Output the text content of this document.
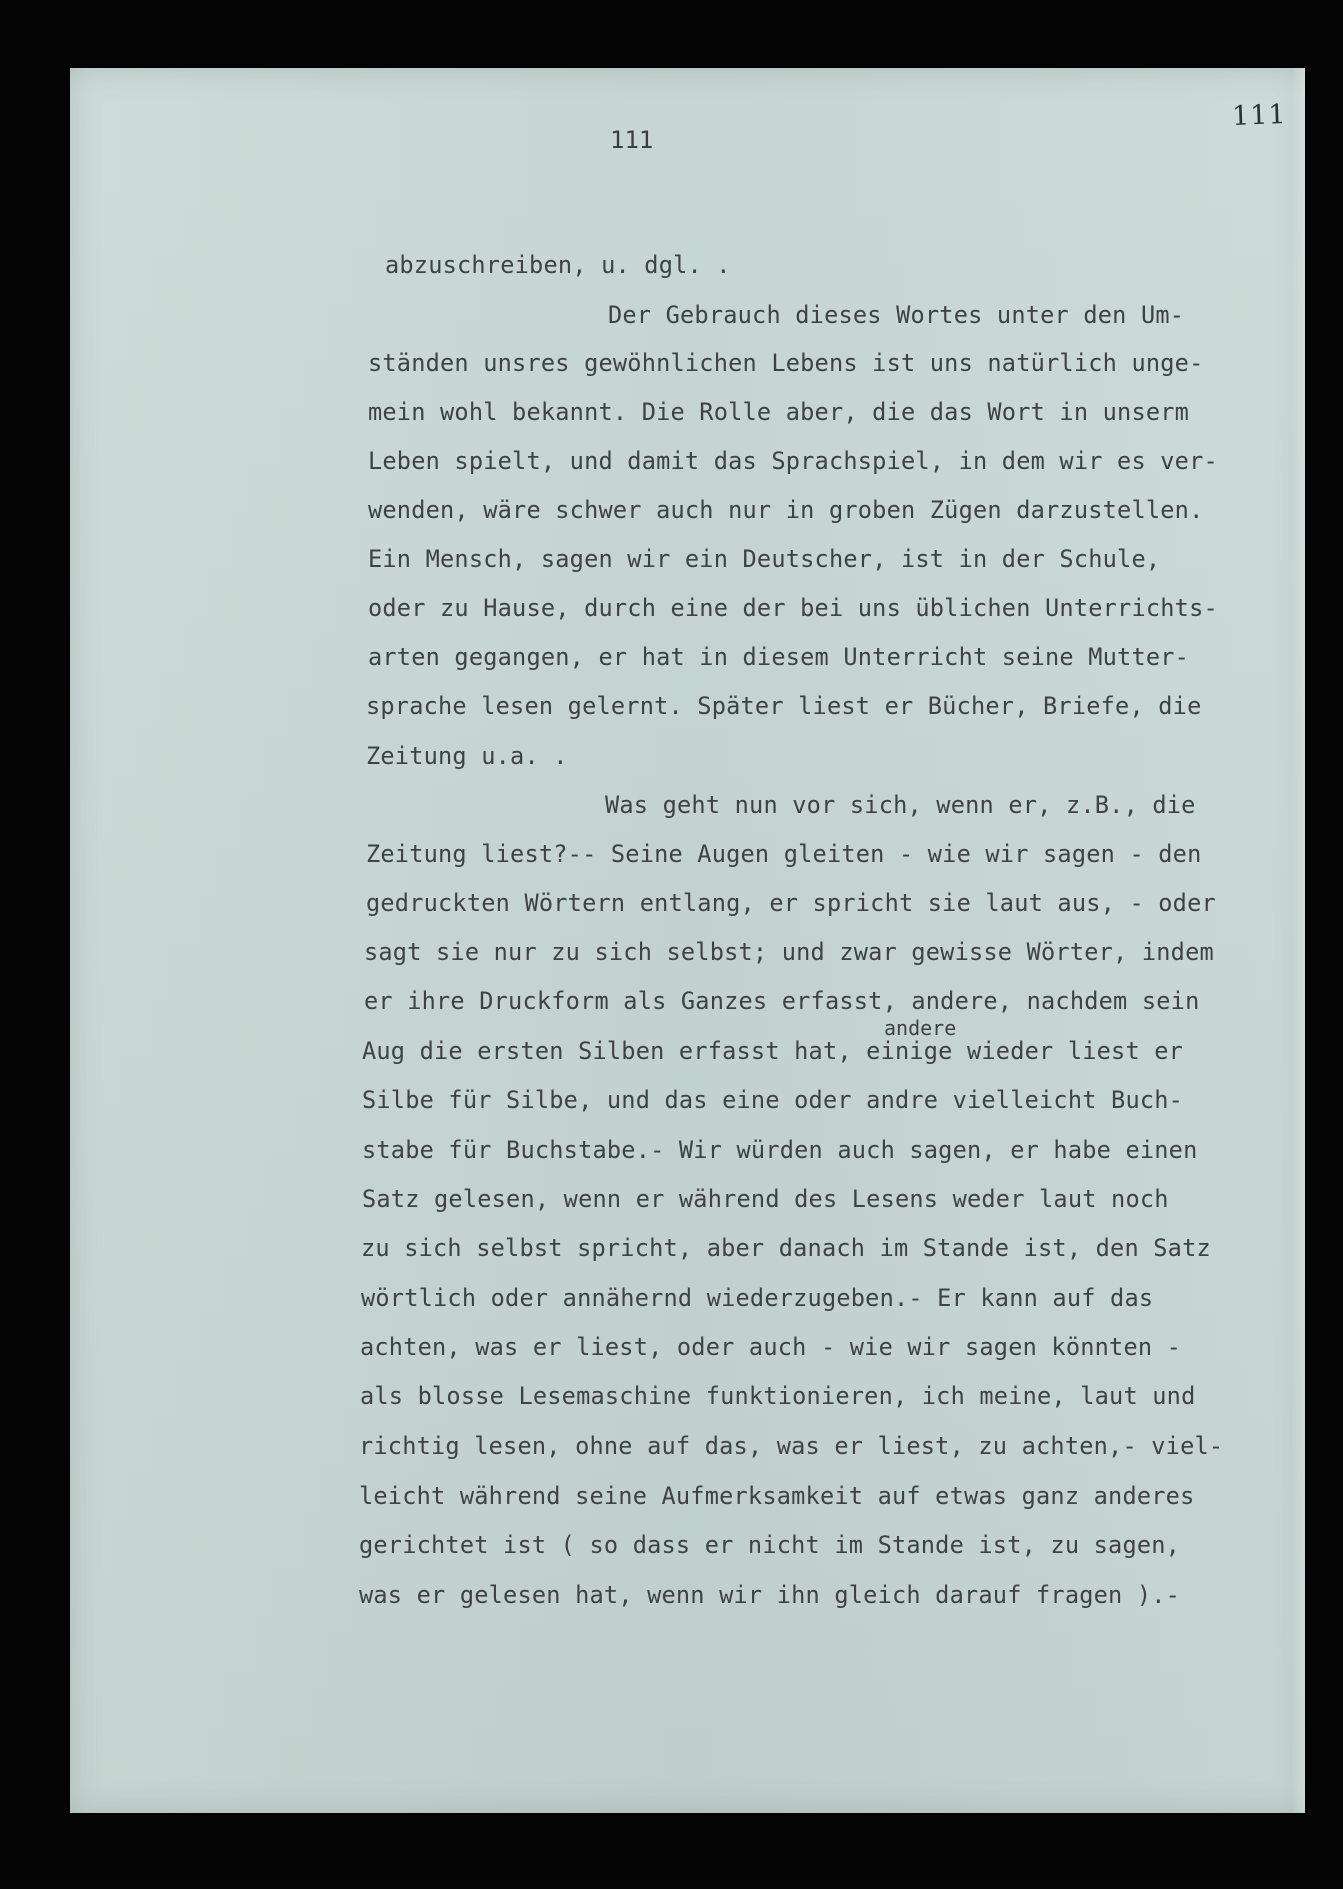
111
111
abzuschreiben, u. dgl. .
Der Gebrauch dieses Wortes unter den Um-
ständen unsres gewöhnlichen Lebens ist uns natürlich unge-
mein wohl bekannt. Die Rolle aber, die das Wort in unserm
Leben spielt, und damit das Sprachspiel, in dem wir es ver-
wenden, wäre schwer auch nur in groben Zügen darzustellen.
Ein Mensch, sagen wir ein Deutscher, ist in der Schule,
oder zu Hause, durch eine der bei uns üblichen Unterrichts-
arten gegangen, er hat in diesem Unterricht seine Mutter-
sprache lesen gelernt. Später liest er Bücher, Briefe, die
Zeitung u.a. .
Was geht nun vor sich, wenn er, z.B., die
Zeitung liest?-- Seine Augen gleiten - wie wir sagen - den
gedruckten Wörtern entlang, er spricht sie laut aus, - oder
sagt sie nur zu sich selbst; und zwar gewisse Wörter, indem
er ihre Druckform als Ganzes erfasst, andere, nachdem sein
andere
Aug die ersten Silben erfasst hat, einige wieder liest er
Silbe für Silbe, und das eine oder andre vielleicht Buch-
stabe für Buchstabe.- Wir würden auch sagen, er habe einen
Satz gelesen, wenn er während des Lesens weder laut noch
zu sich selbst spricht, aber danach im Stande ist, den Satz
wörtlich oder annähernd wiederzugeben.- Er kann auf das
achten, was er liest, oder auch - wie wir sagen könnten -
als blosse Lesemaschine funktionieren, ich meine, laut und
richtig lesen, ohne auf das, was er liest, zu achten,- viel-
leicht während seine Aufmerksamkeit auf etwas ganz anderes
gerichtet ist ( so dass er nicht im Stande ist, zu sagen,
was er gelesen hat, wenn wir ihn gleich darauf fragen ).-
